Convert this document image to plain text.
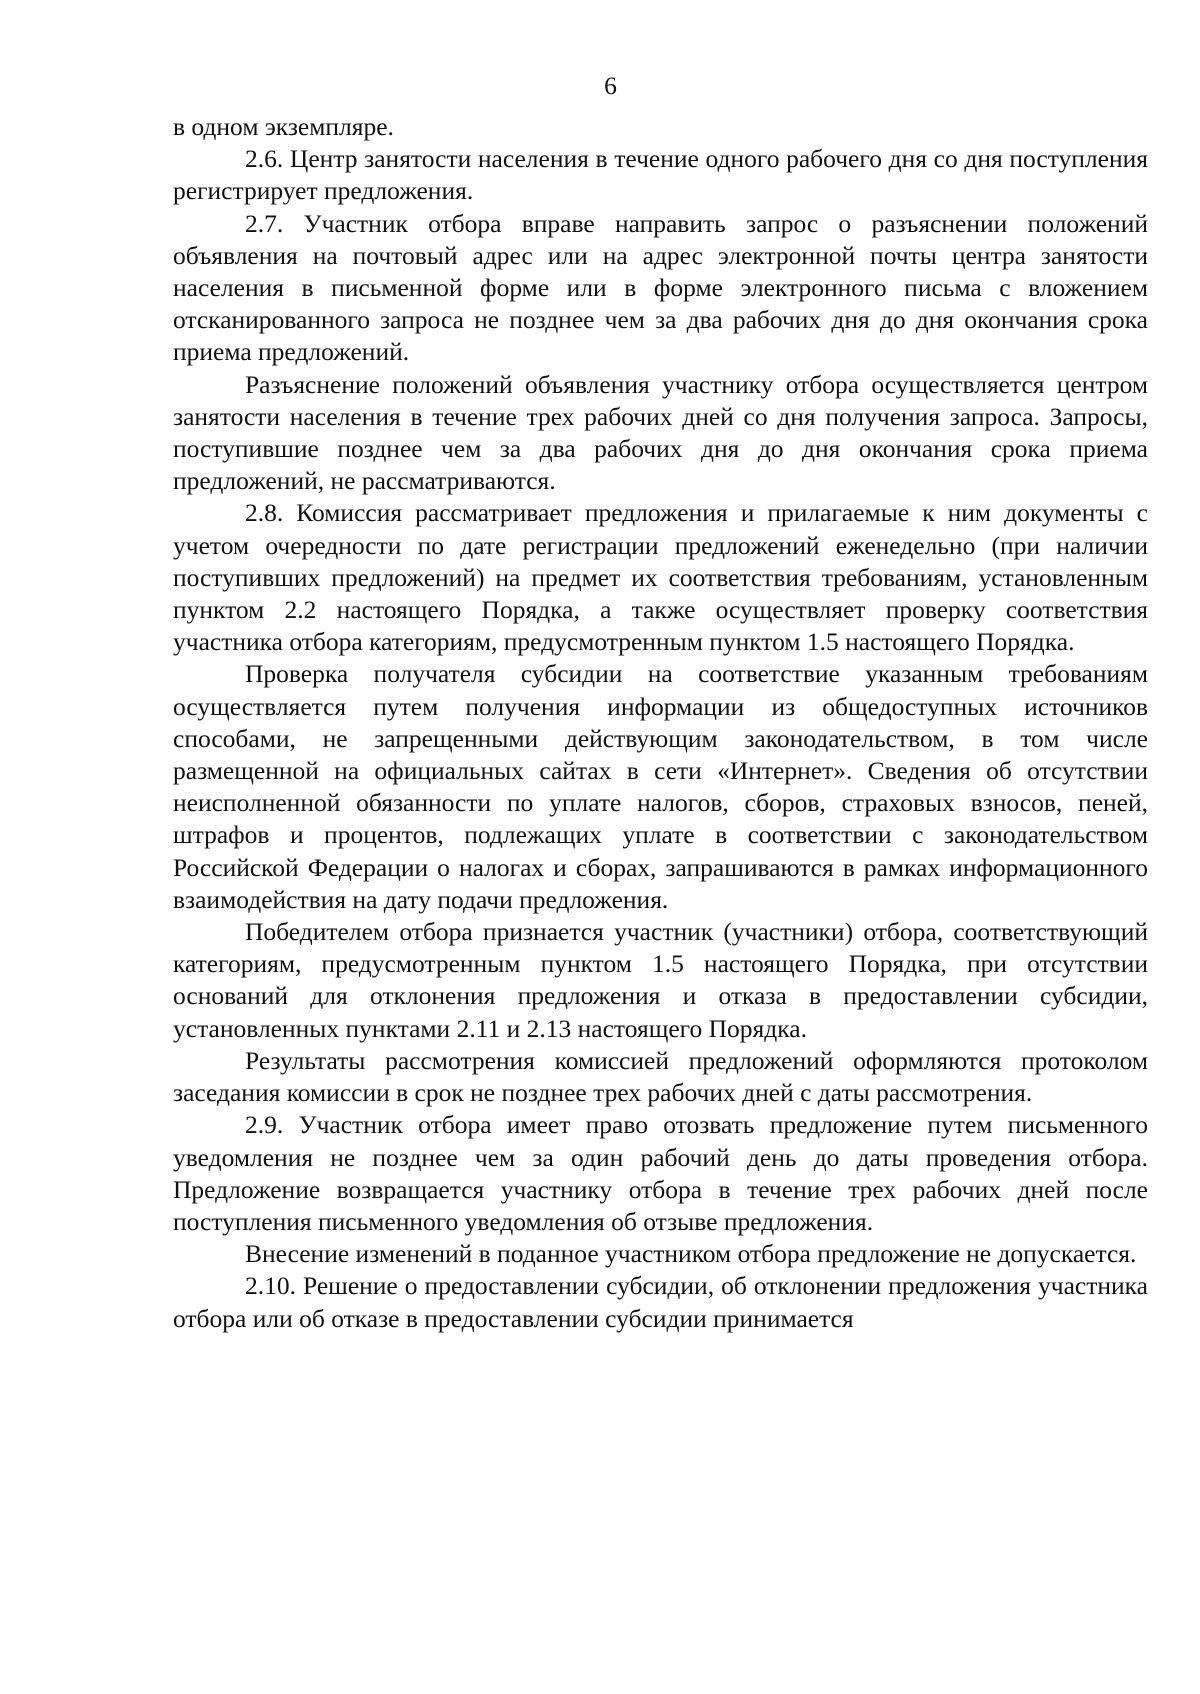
6

в одном экземпляре.

2.6. Центр занятости населения в течение одного рабочего дня со дня поступления регистрирует предложения.

2.7. Участник отбора вправе направить запрос о разъяснении положений объявления на почтовый адрес или на адрес электронной почты центра занятости населения в письменной форме или в форме электронного письма с вложением отсканированного запроса не позднее чем за два рабочих дня до дня окончания срока приема предложений.

Разъяснение положений объявления участнику отбора осуществляется центром занятости населения в течение трех рабочих дней со дня получения запроса. Запросы, поступившие позднее чем за два рабочих дня до дня окончания срока приема предложений, не рассматриваются.

2.8. Комиссия рассматривает предложения и прилагаемые к ним документы с учетом очередности по дате регистрации предложений еженедельно (при наличии поступивших предложений) на предмет их соответствия требованиям, установленным пунктом 2.2 настоящего Порядка, а также осуществляет проверку соответствия участника отбора категориям, предусмотренным пунктом 1.5 настоящего Порядка.

Проверка получателя субсидии на соответствие указанным требованиям осуществляется путем получения информации из общедоступных источников способами, не запрещенными действующим законодательством, в том числе размещенной на официальных сайтах в сети «Интернет». Сведения об отсутствии неисполненной обязанности по уплате налогов, сборов, страховых взносов, пеней, штрафов и процентов, подлежащих уплате в соответствии с законодательством Российской Федерации о налогах и сборах, запрашиваются в рамках информационного взаимодействия на дату подачи предложения.

Победителем отбора признается участник (участники) отбора, соответствующий категориям, предусмотренным пунктом 1.5 настоящего Порядка, при отсутствии оснований для отклонения предложения и отказа в предоставлении субсидии, установленных пунктами 2.11 и 2.13 настоящего Порядка.

Результаты рассмотрения комиссией предложений оформляются протоколом заседания комиссии в срок не позднее трех рабочих дней с даты рассмотрения.

2.9. Участник отбора имеет право отозвать предложение путем письменного уведомления не позднее чем за один рабочий день до даты проведения отбора. Предложение возвращается участнику отбора в течение трех рабочих дней после поступления письменного уведомления об отзыве предложения.

Внесение изменений в поданное участником отбора предложение не допускается.

2.10. Решение о предоставлении субсидии, об отклонении предложения участника отбора или об отказе в предоставлении субсидии принимается
